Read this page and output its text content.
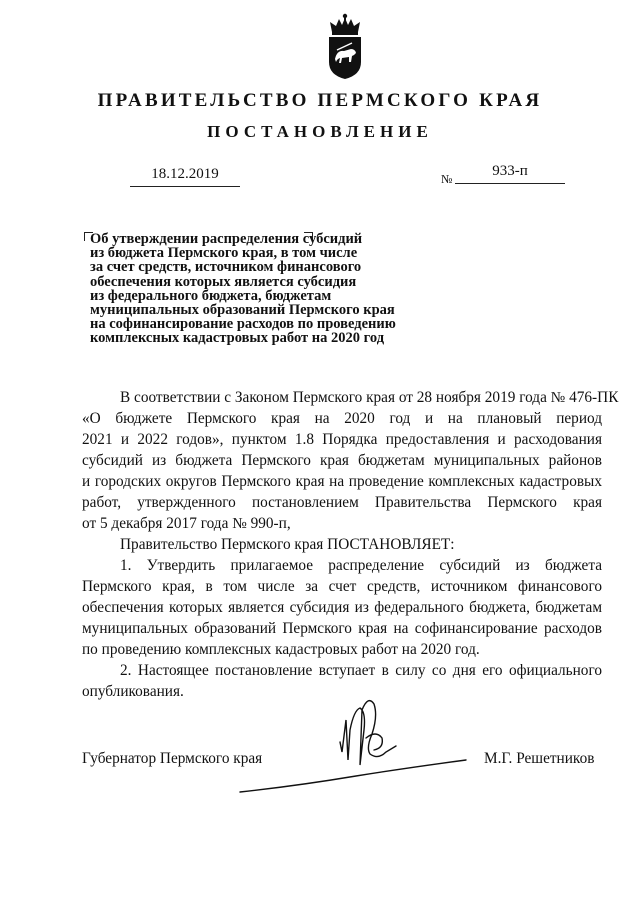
ПРАВИТЕЛЬСТВО ПЕРМСКОГО КРАЯ
ПОСТАНОВЛЕНИЕ
18.12.2019	№	933-п
Об утверждении распределения субсидий
из бюджета Пермского края, в том числе
за счет средств, источником финансового
обеспечения которых является субсидия
из федерального бюджета, бюджетам
муниципальных образований Пермского края
на софинансирование расходов по проведению
комплексных кадастровых работ на 2020 год
В соответствии с Законом Пермского края от 28 ноября 2019 года № 476-ПК
«О бюджете Пермского края на 2020 год и на плановый период
2021 и 2022 годов», пунктом 1.8 Порядка предоставления и расходования
субсидий из бюджета Пермского края бюджетам муниципальных районов
и городских округов Пермского края на проведение комплексных кадастровых
работ, утвержденного постановлением Правительства Пермского края
от 5 декабря 2017 года № 990-п,
Правительство Пермского края ПОСТАНОВЛЯЕТ:
1. Утвердить прилагаемое распределение субсидий из бюджета
Пермского края, в том числе за счет средств, источником финансового
обеспечения которых является субсидия из федерального бюджета, бюджетам
муниципальных образований Пермского края на софинансирование расходов
по проведению комплексных кадастровых работ на 2020 год.
2. Настоящее постановление вступает в силу со дня его официального
опубликования.
Губернатор Пермского края	М.Г. Решетников
